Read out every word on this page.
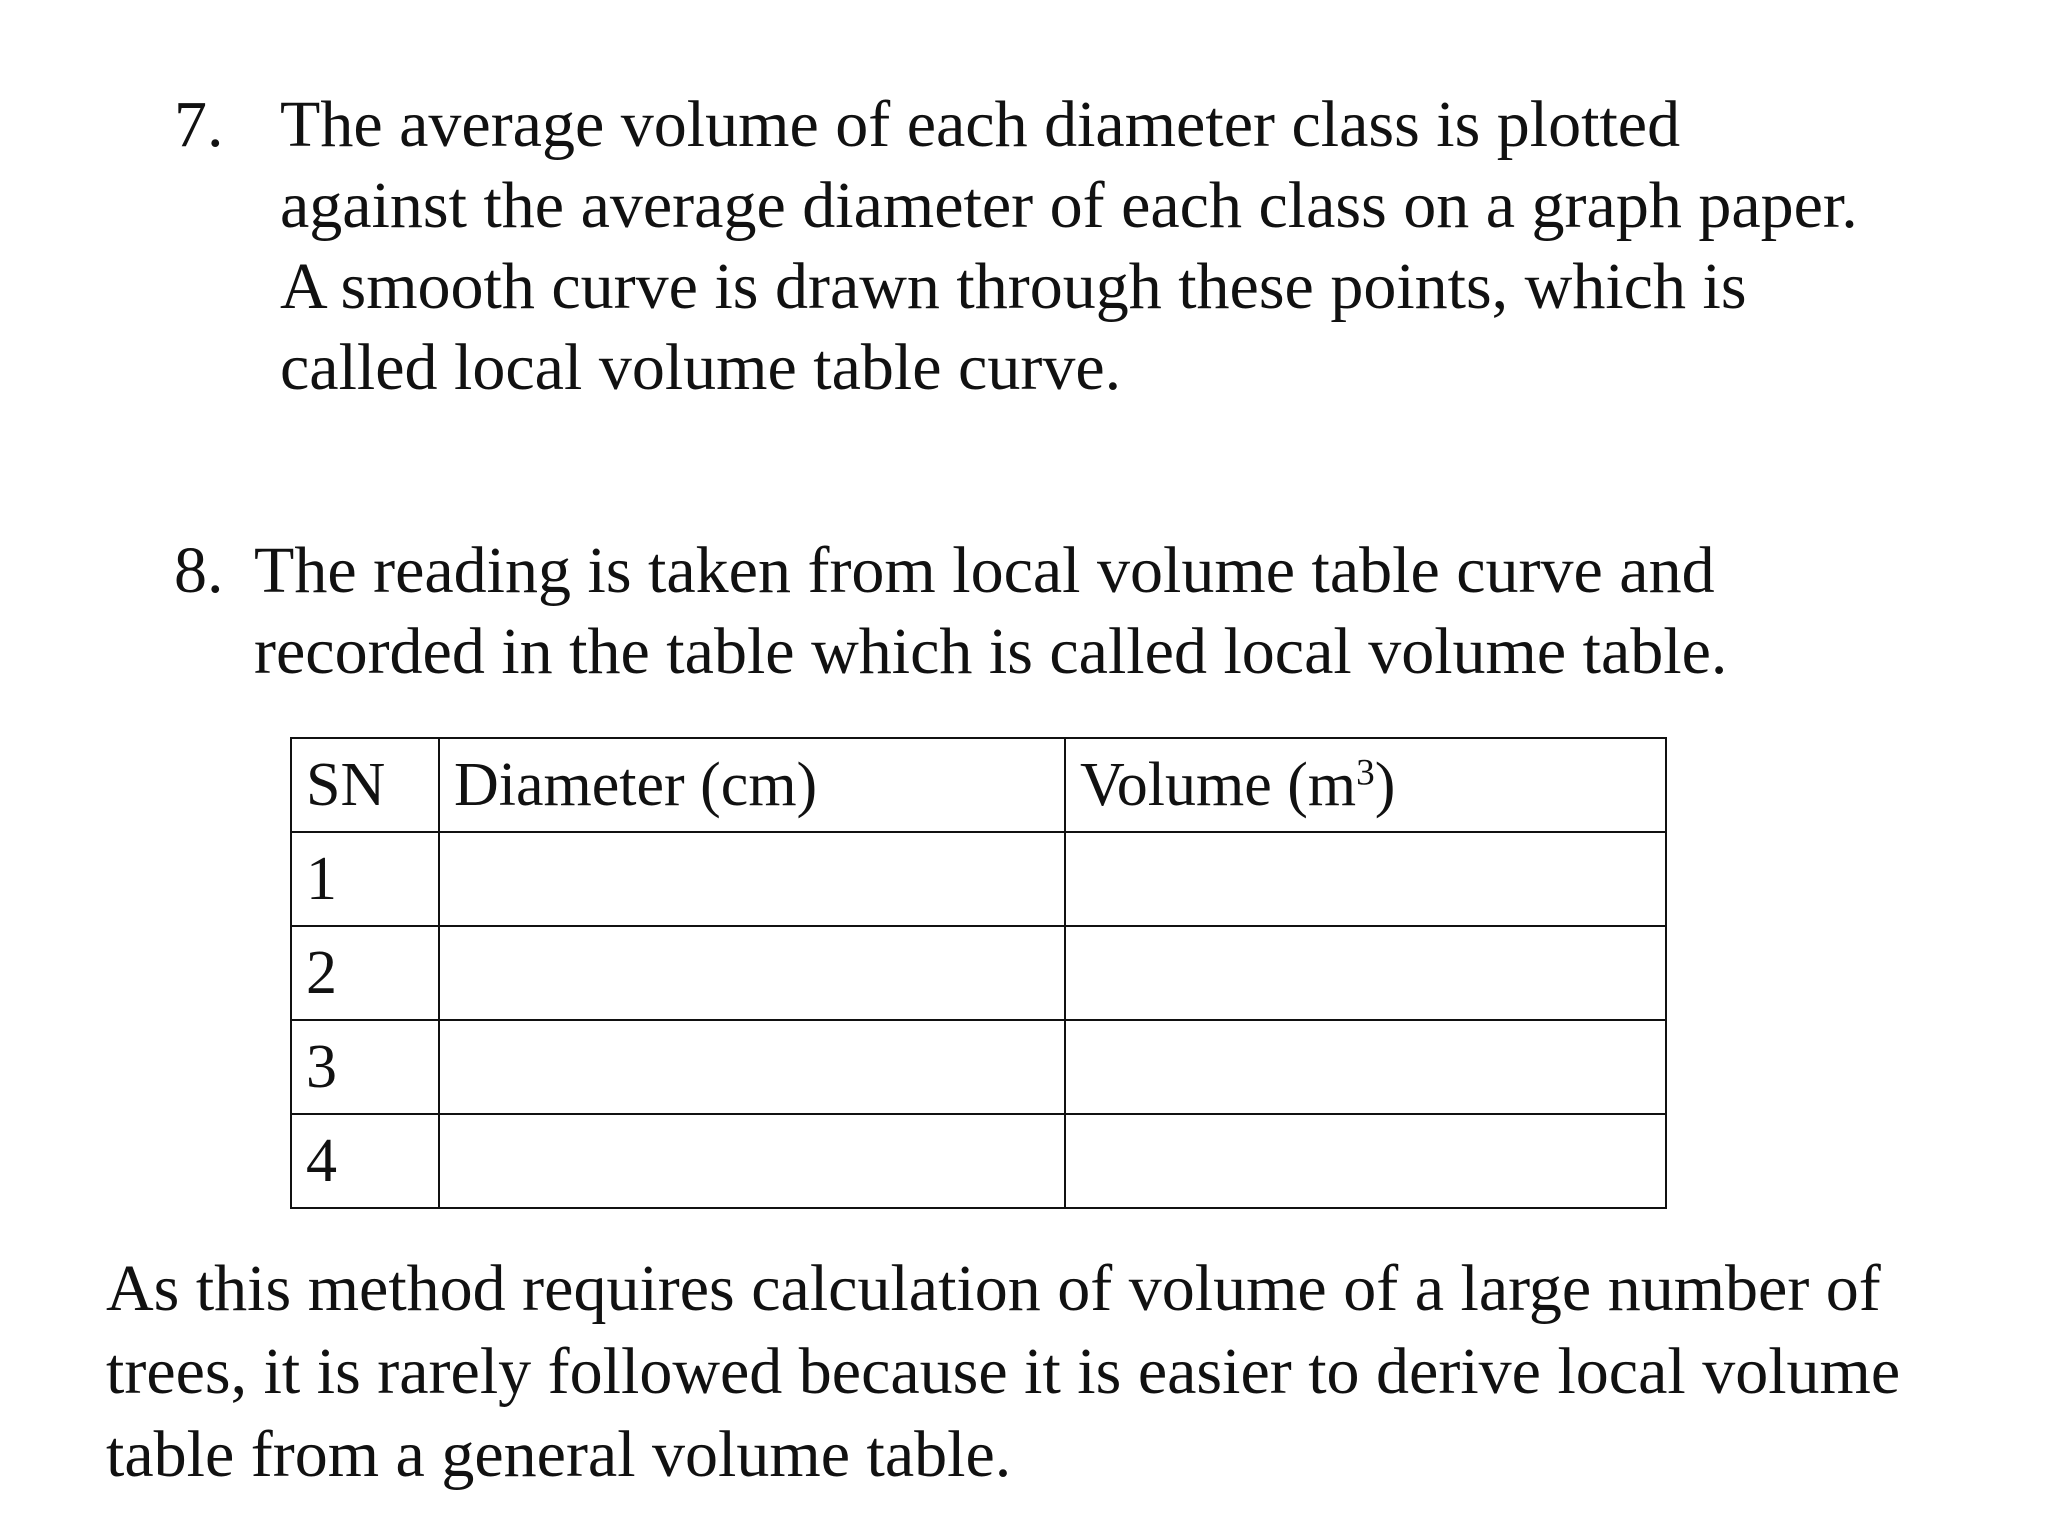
7. The average volume of each diameter class is plotted against the average diameter of each class on a graph paper. A smooth curve is drawn through these points, which is called local volume table curve.
8. The reading is taken from local volume table curve and recorded in the table which is called local volume table.
SN	Diameter (cm)	Volume $(m^3)$
1		
2		
3		
4		
As this method requires calculation of volume of a large number of trees, it is rarely followed because it is easier to derive local volume table from a general volume table.
